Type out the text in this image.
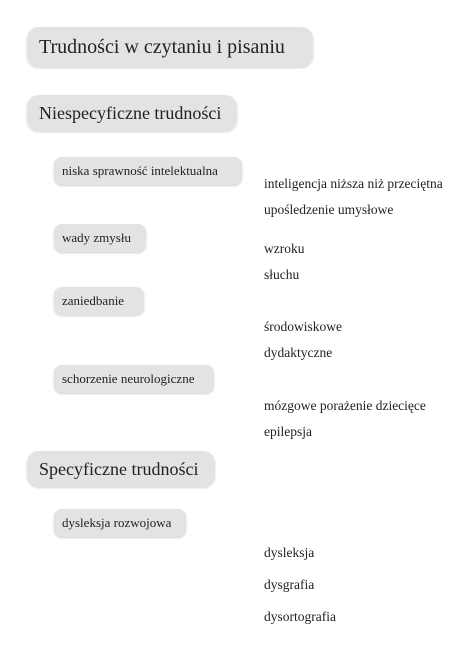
Trudności w czytaniu i pisaniu
Niespecyficzne trudności
niska sprawność intelektualna
inteligencja niższa niż przeciętna
upośledzenie umysłowe
wady zmysłu
wzroku
słuchu
zaniedbanie
środowiskowe
dydaktyczne
schorzenie neurologiczne
mózgowe porażenie dziecięce
epilepsja
Specyficzne trudności
dysleksja rozwojowa
dysleksja
dysgrafia
dysortografia
